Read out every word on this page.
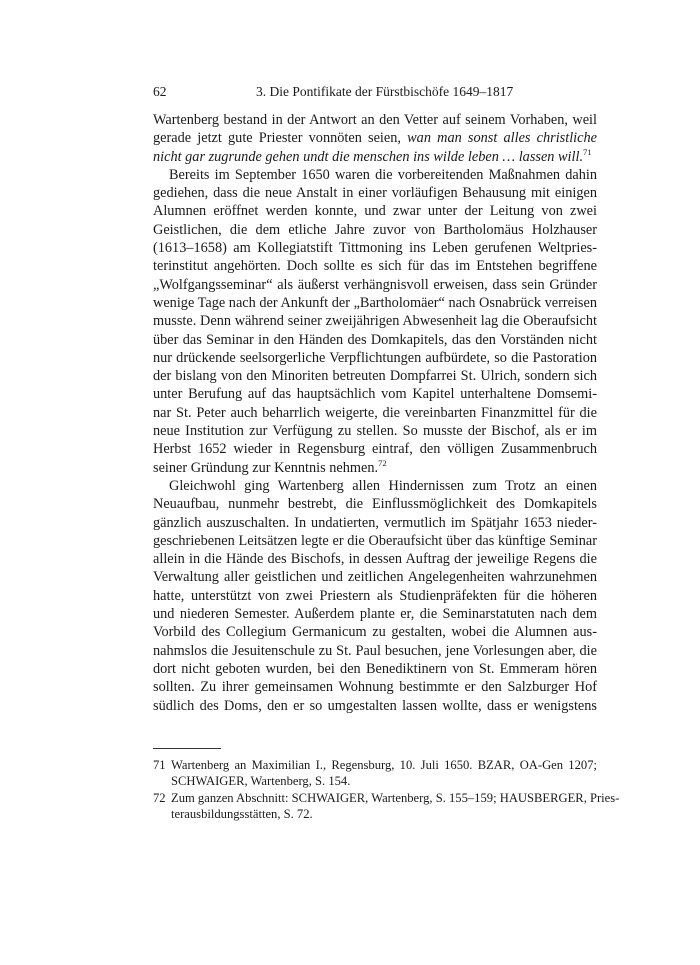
62	3. Die Pontifikate der Fürstbischöfe 1649–1817
Wartenberg bestand in der Antwort an den Vetter auf seinem Vorhaben, weil
gerade jetzt gute Priester vonnöten seien, wan man sonst alles christliche
nicht gar zugrunde gehen undt die menschen ins wilde leben … lassen will.$^{71}$
Bereits im September 1650 waren die vorbereitenden Maßnahmen dahin
gediehen, dass die neue Anstalt in einer vorläufigen Behausung mit einigen
Alumnen eröffnet werden konnte, und zwar unter der Leitung von zwei
Geistlichen, die dem etliche Jahre zuvor von Bartholomäus Holzhauser
(1613–1658) am Kollegiatstift Tittmoning ins Leben gerufenen Weltpries-
terinstitut angehörten. Doch sollte es sich für das im Entstehen begriffene
„Wolfgangsseminar“ als äußerst verhängnisvoll erweisen, dass sein Gründer
wenige Tage nach der Ankunft der „Bartholomäer“ nach Osnabrück verreisen
musste. Denn während seiner zweijährigen Abwesenheit lag die Oberaufsicht
über das Seminar in den Händen des Domkapitels, das den Vorständen nicht
nur drückende seelsorgerliche Verpflichtungen aufbürdete, so die Pastoration
der bislang von den Minoriten betreuten Dompfarrei St. Ulrich, sondern sich
unter Berufung auf das hauptsächlich vom Kapitel unterhaltene Domsemi-
nar St. Peter auch beharrlich weigerte, die vereinbarten Finanzmittel für die
neue Institution zur Verfügung zu stellen. So musste der Bischof, als er im
Herbst 1652 wieder in Regensburg eintraf, den völligen Zusammenbruch
seiner Gründung zur Kenntnis nehmen.$^{72}$
Gleichwohl ging Wartenberg allen Hindernissen zum Trotz an einen
Neuaufbau, nunmehr bestrebt, die Einflussmöglichkeit des Domkapitels
gänzlich auszuschalten. In undatierten, vermutlich im Spätjahr 1653 nieder-
geschriebenen Leitsätzen legte er die Oberaufsicht über das künftige Seminar
allein in die Hände des Bischofs, in dessen Auftrag der jeweilige Regens die
Verwaltung aller geistlichen und zeitlichen Angelegenheiten wahrzunehmen
hatte, unterstützt von zwei Priestern als Studienpräfekten für die höheren
und niederen Semester. Außerdem plante er, die Seminarstatuten nach dem
Vorbild des Collegium Germanicum zu gestalten, wobei die Alumnen aus-
nahmslos die Jesuitenschule zu St. Paul besuchen, jene Vorlesungen aber, die
dort nicht geboten wurden, bei den Benediktinern von St. Emmeram hören
sollten. Zu ihrer gemeinsamen Wohnung bestimmte er den Salzburger Hof
südlich des Doms, den er so umgestalten lassen wollte, dass er wenigstens
71 Wartenberg an Maximilian I., Regensburg, 10. Juli 1650. BZAR, OA-Gen 1207;
SCHWAIGER, Wartenberg, S. 154.
72 Zum ganzen Abschnitt: SCHWAIGER, Wartenberg, S. 155–159; HAUSBERGER, Pries-
terausbildungsstätten, S. 72.
